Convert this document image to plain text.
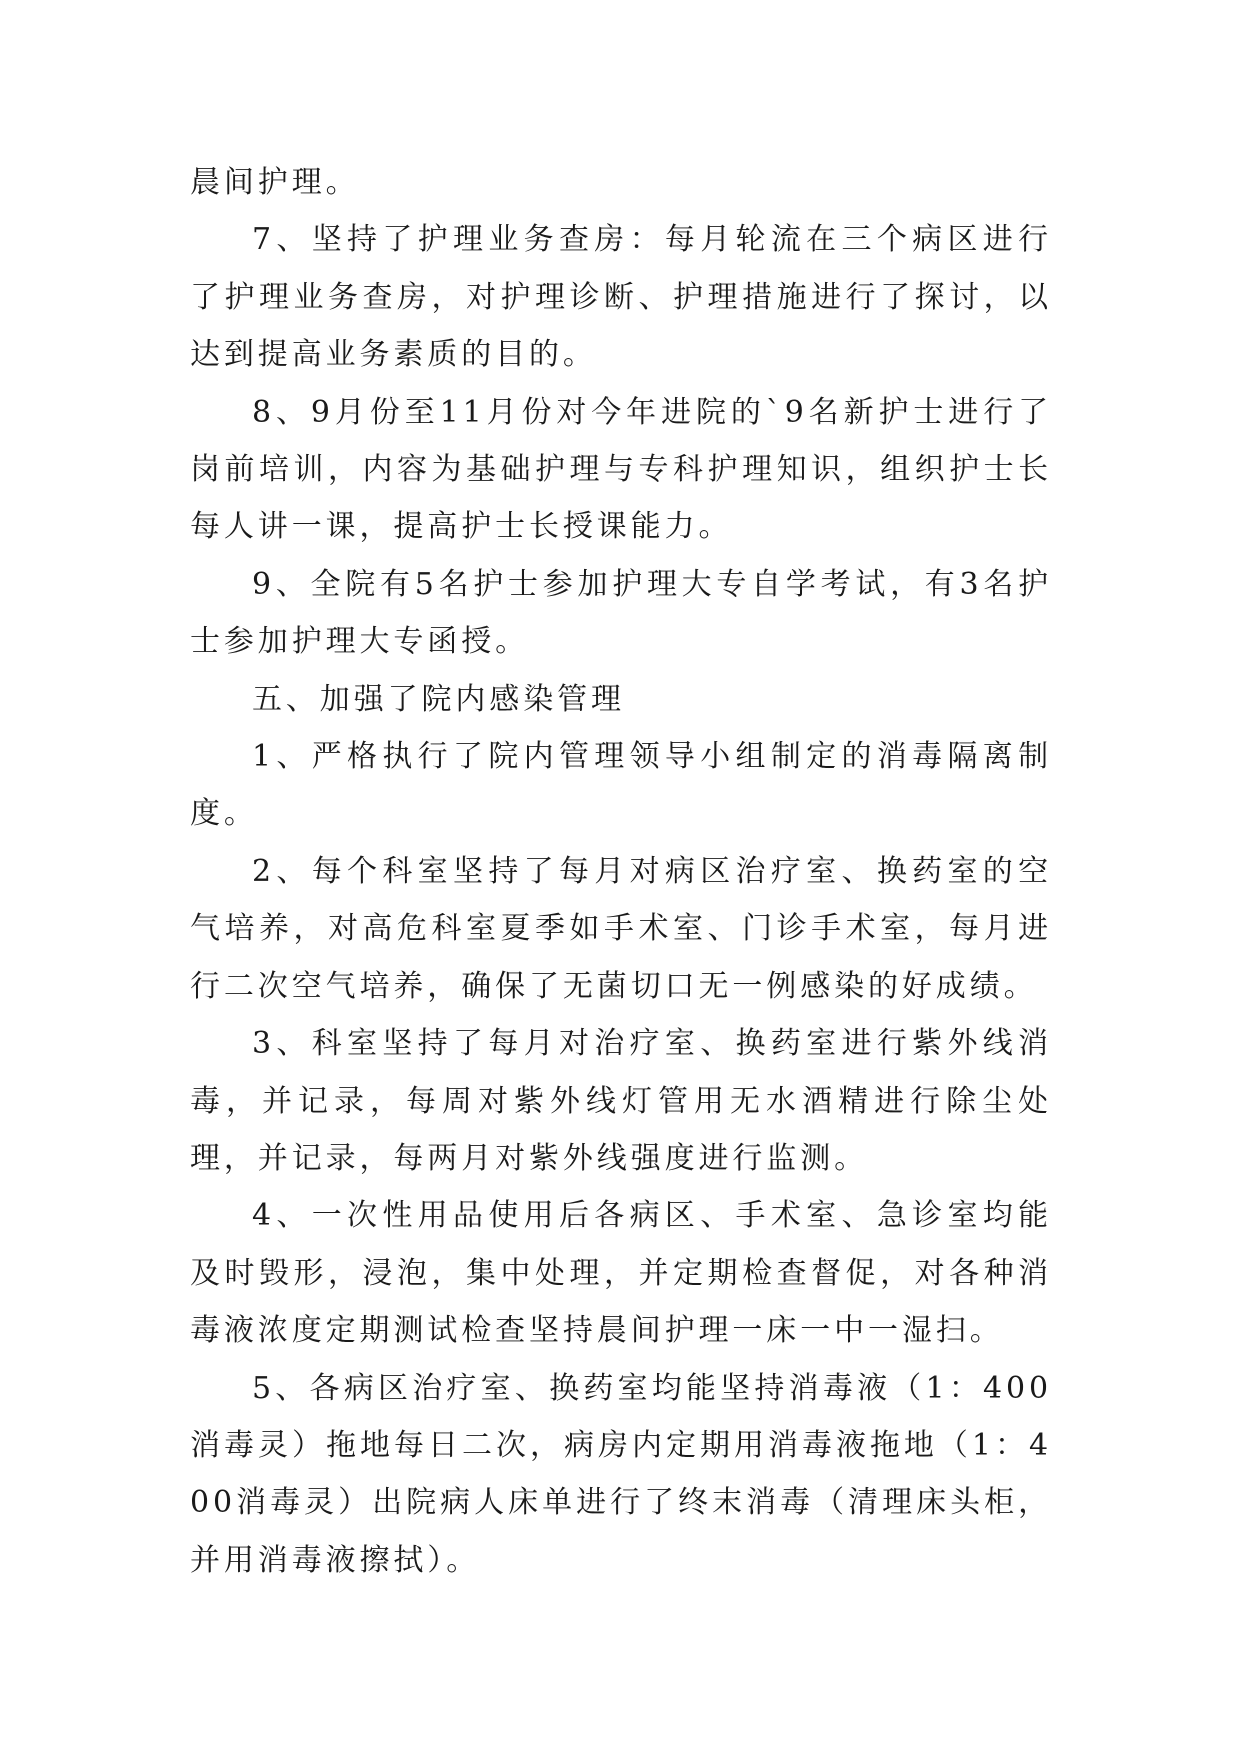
晨间护理。

7、坚持了护理业务查房：每月轮流在三个病区进行了护理业务查房，对护理诊断、护理措施进行了探讨，以达到提高业务素质的目的。

8、9月份至11月份对今年进院的`9名新护士进行了岗前培训，内容为基础护理与专科护理知识，组织护士长每人讲一课，提高护士长授课能力。

9、全院有5名护士参加护理大专自学考试，有3名护士参加护理大专函授。

五、加强了院内感染管理

1、严格执行了院内管理领导小组制定的消毒隔离制度。

2、每个科室坚持了每月对病区治疗室、换药室的空气培养，对高危科室夏季如手术室、门诊手术室，每月进行二次空气培养，确保了无菌切口无一例感染的好成绩。

3、科室坚持了每月对治疗室、换药室进行紫外线消毒，并记录，每周对紫外线灯管用无水酒精进行除尘处理，并记录，每两月对紫外线强度进行监测。

4、一次性用品使用后各病区、手术室、急诊室均能及时毁形，浸泡，集中处理，并定期检查督促，对各种消毒液浓度定期测试检查坚持晨间护理一床一中一湿扫。

5、各病区治疗室、换药室均能坚持消毒液（1：400消毒灵）拖地每日二次，病房内定期用消毒液拖地（1：400消毒灵）出院病人床单进行了终末消毒（清理床头柜，并用消毒液擦拭）。
